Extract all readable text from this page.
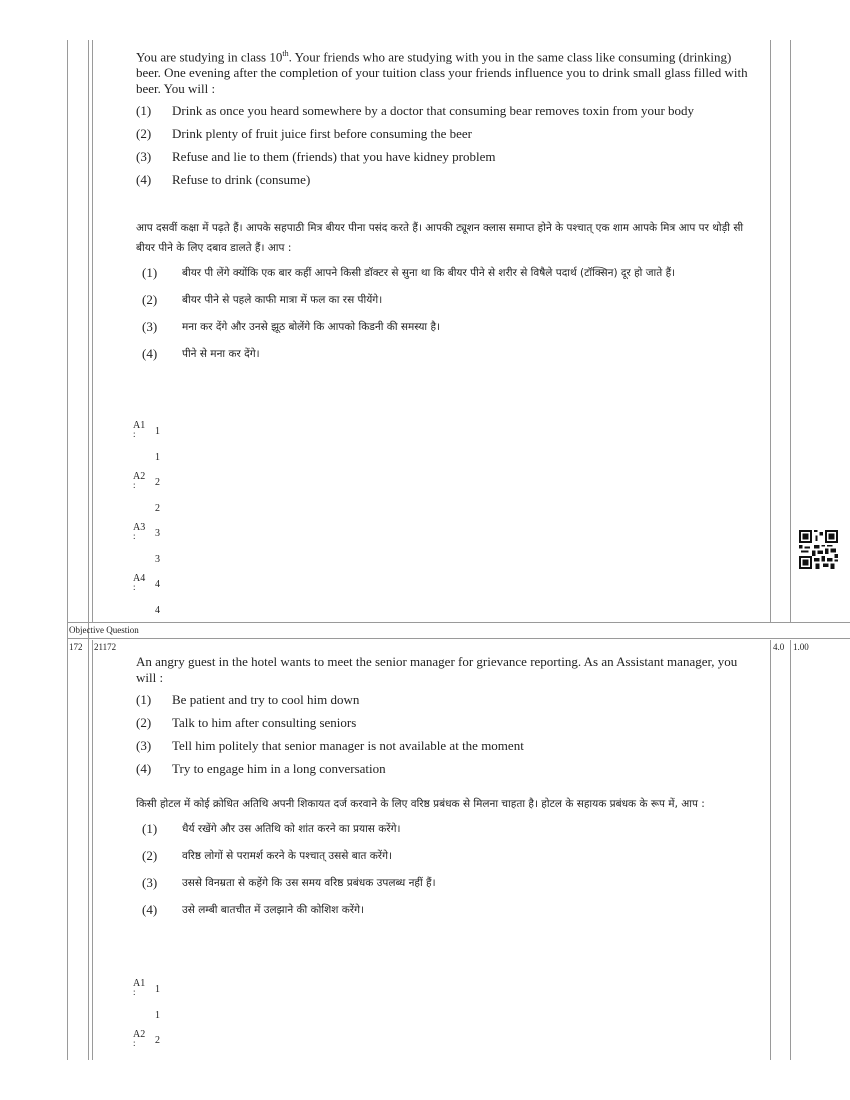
You are studying in class 10th. Your friends who are studying with you in the same class like consuming (drinking) beer. One evening after the completion of your tuition class your friends influence you to drink small glass filled with beer. You will :

(1)	Drink as once you heard somewhere by a doctor that consuming bear removes toxin from your body
(2)	Drink plenty of fruit juice first before consuming the beer
(3)	Refuse and lie to them (friends) that you have kidney problem
(4)	Refuse to drink (consume)

आप दसवीं कक्षा में पढ़ते हैं। आपके सहपाठी मित्र बीयर पीना पसंद करते हैं। आपकी ट्यूशन क्लास समाप्त होने के पश्चात् एक शाम आपके मित्र आप पर थोड़ी सी बीयर पीने के लिए दबाव डालते हैं। आप :

(1)	बीयर पी लेंगे क्योंकि एक बार कहीं आपने किसी डॉक्टर से सुना था कि बीयर पीने से शरीर से विषैले पदार्थ (टॉक्सिन) दूर हो जाते हैं।
(2)	बीयर पीने से पहले काफी मात्रा में फल का रस पीयेंगे।
(3)	मना कर देंगे और उनसे झूठ बोलेंगे कि आपको किडनी की समस्या है।
(4)	पीने से मना कर देंगे।
A1
:	1
1
A2
:	2
2
A3
:	3
3
A4
:	4
4
Objective Question
172 21172	4.0 1.00

An angry guest in the hotel wants to meet the senior manager for grievance reporting. As an Assistant manager, you will :

(1)	Be patient and try to cool him down
(2)	Talk to him after consulting seniors
(3)	Tell him politely that senior manager is not available at the moment
(4)	Try to engage him in a long conversation

किसी होटल में कोई क्रोधित अतिथि अपनी शिकायत दर्ज करवाने के लिए वरिष्ठ प्रबंधक से मिलना चाहता है। होटल के सहायक प्रबंधक के रूप में, आप :

(1)	धैर्य रखेंगे और उस अतिथि को शांत करने का प्रयास करेंगे।
(2)	वरिष्ठ लोगों से परामर्श करने के पश्चात् उससे बात करेंगे।
(3)	उससे विनम्रता से कहेंगे कि उस समय वरिष्ठ प्रबंधक उपलब्ध नहीं हैं।
(4)	उसे लम्बी बातचीत में उलझाने की कोशिश करेंगे।
A1
:	1
1
A2
:	2
